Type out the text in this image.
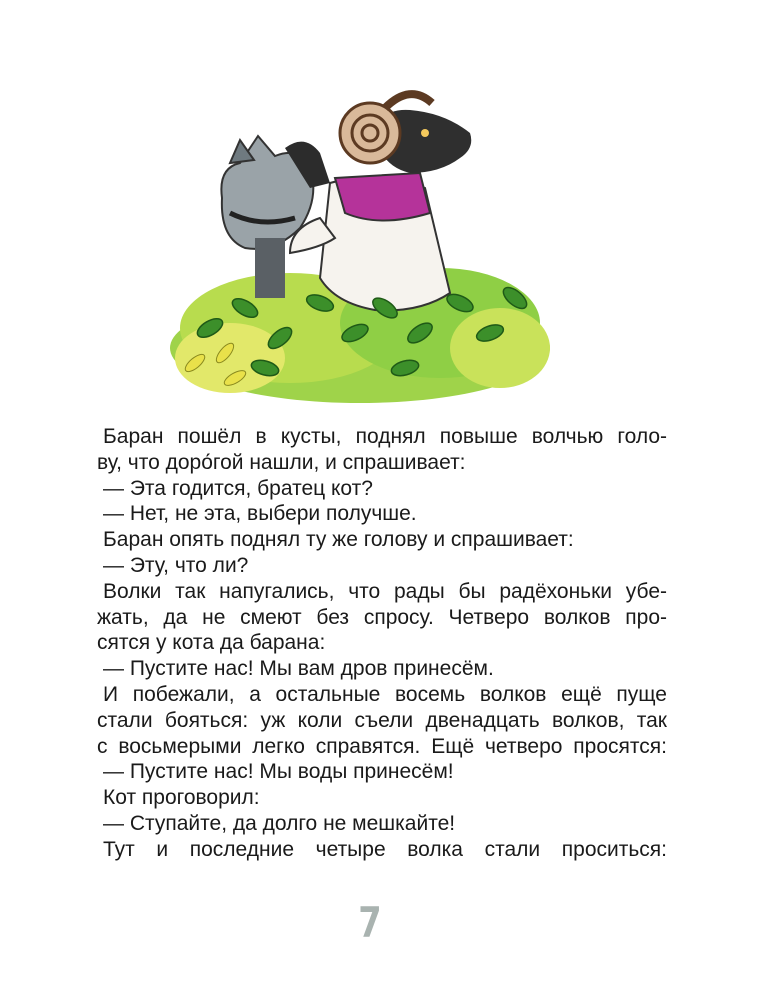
Баран пошёл в кусты, поднял повыше волчью голо-
ву, что доро́гой нашли, и спрашивает:
— Эта годится, братец кот?
— Нет, не эта, выбери получше.
Баран опять поднял ту же голову и спрашивает:
— Эту, что ли?
Волки так напугались, что рады бы радёхоньки убе-
жать, да не смеют без спросу. Четверо волков про-
сятся у кота да барана:
— Пустите нас! Мы вам дров принесём.
И побежали, а остальные восемь волков ещё пуще
стали бояться: уж коли съели двенадцать волков, так
с восьмерыми легко справятся. Ещё четверо просятся:
— Пустите нас! Мы воды принесём!
Кот проговорил:
— Ступайте, да долго не мешкайте!
Тут и последние четыре волка стали проситься:
7
